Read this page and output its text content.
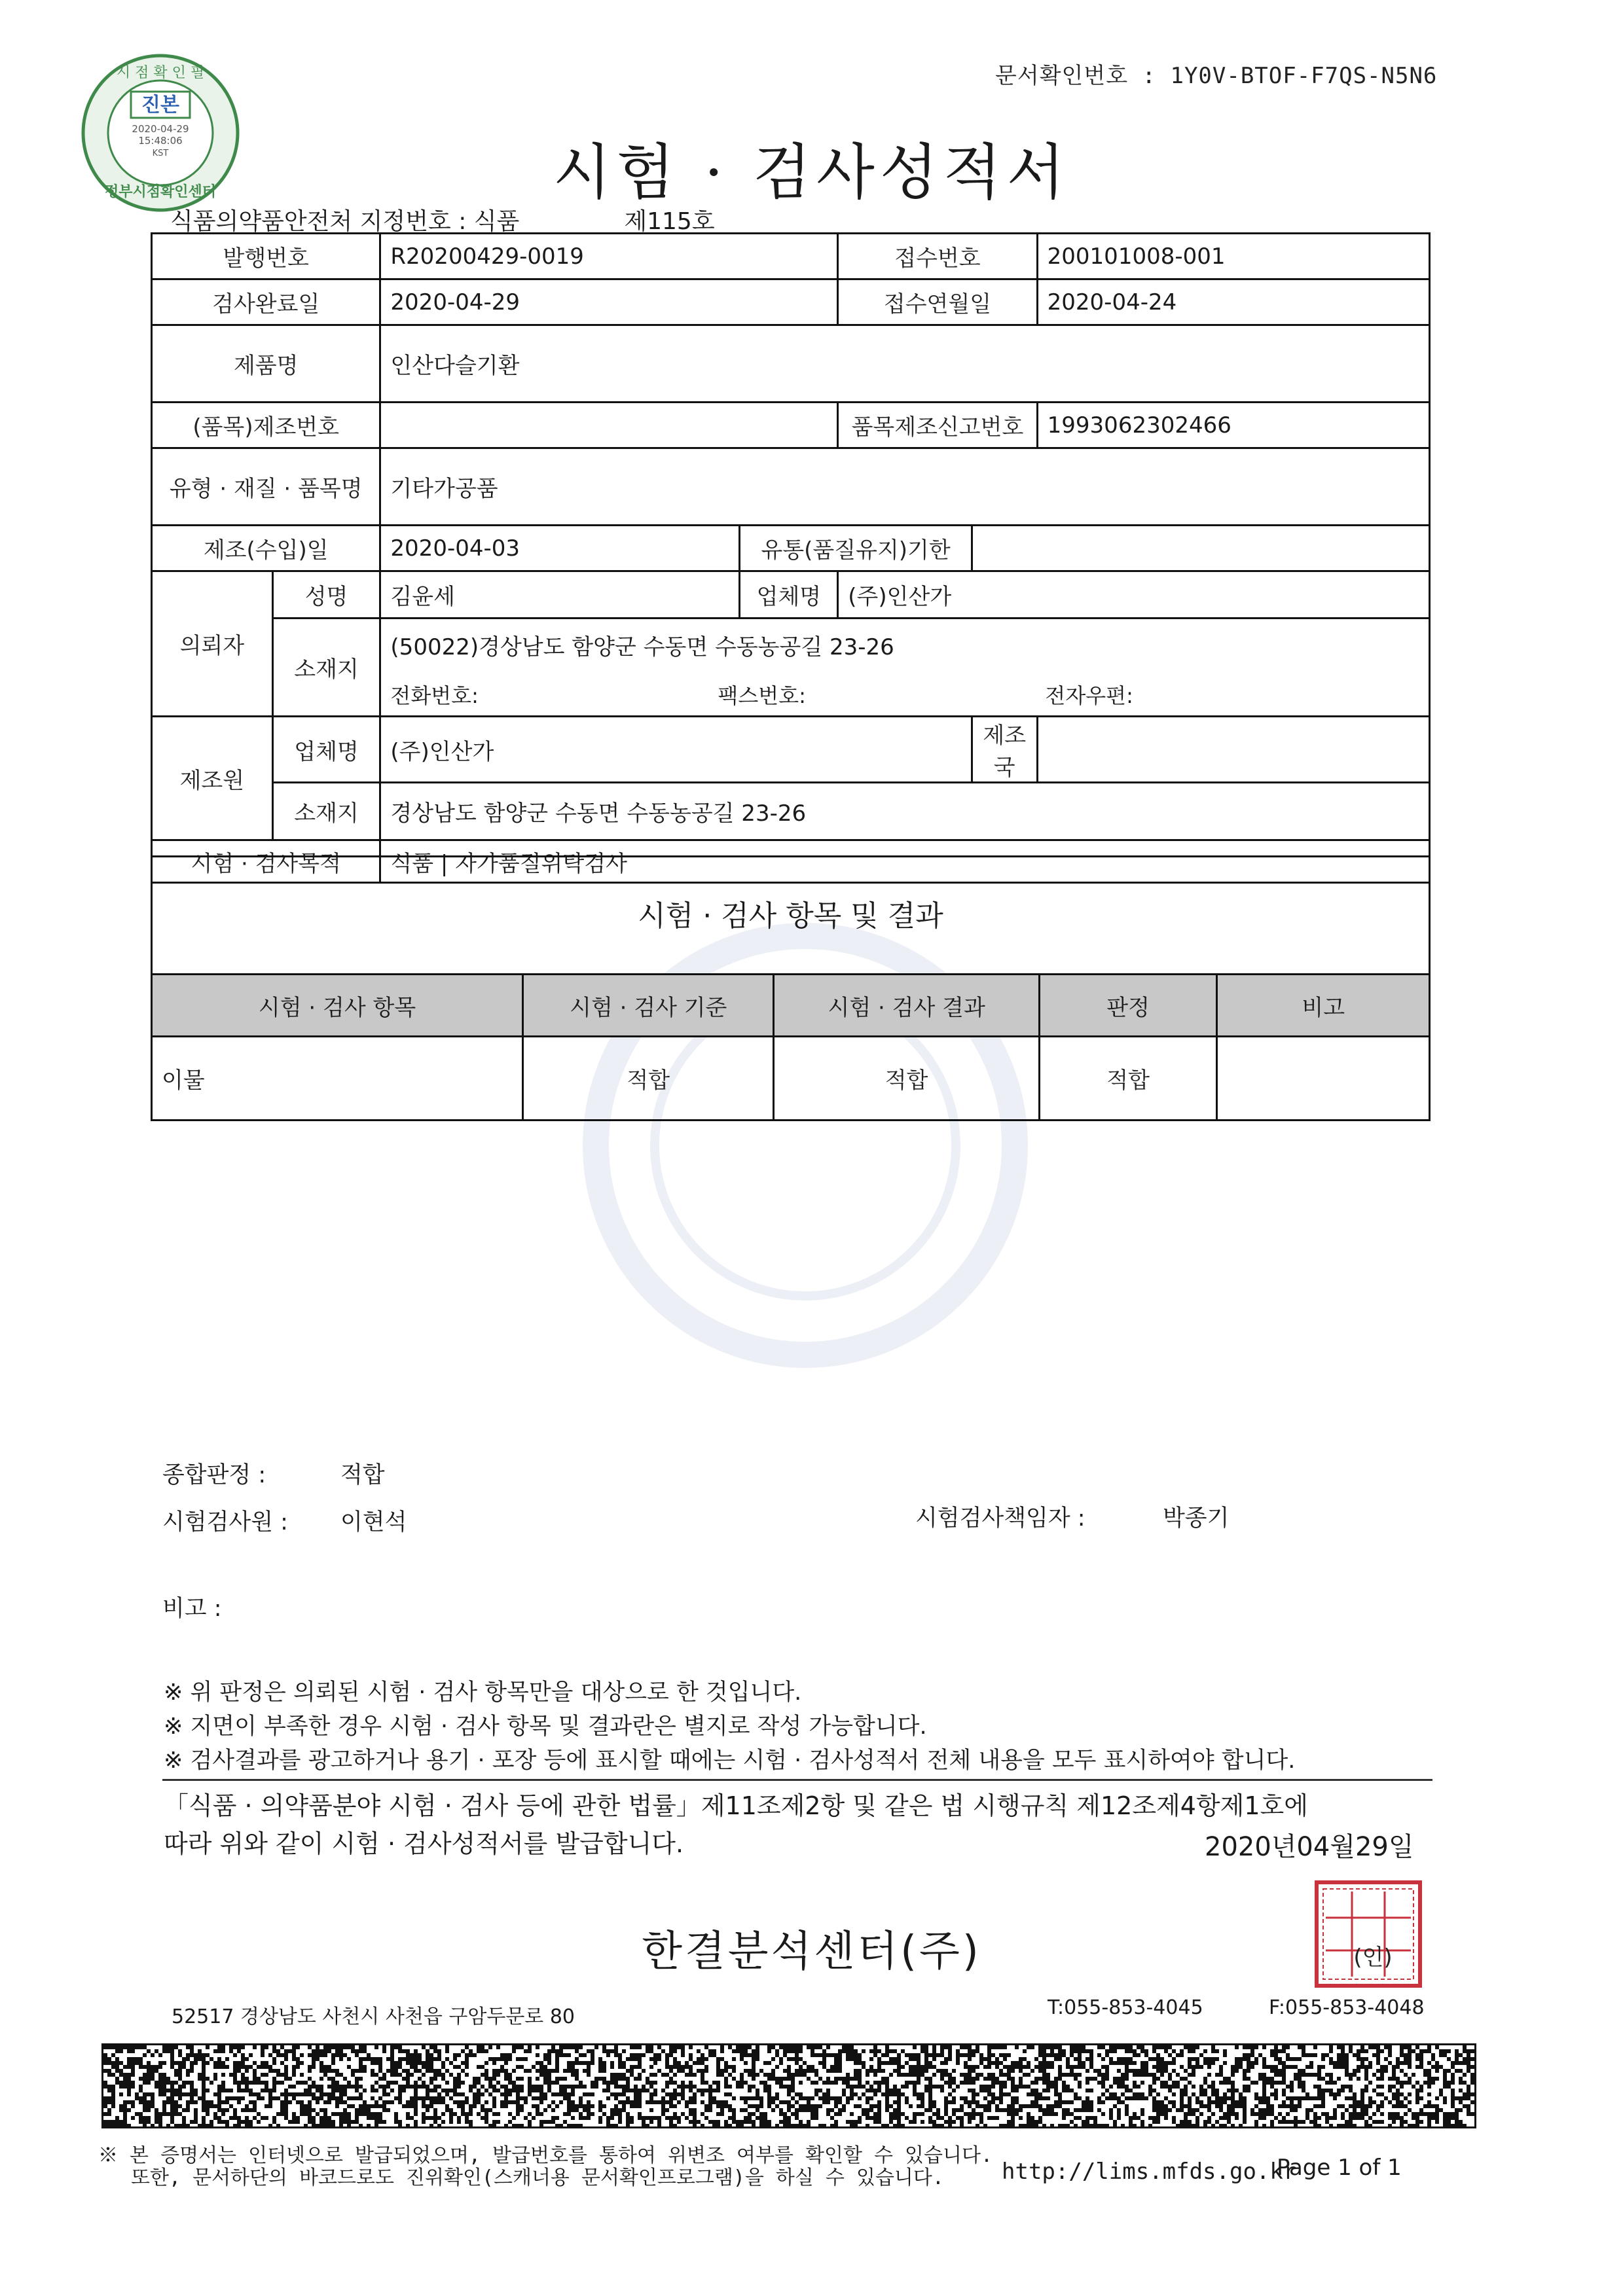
문서확인번호 : 1Y0V-BTOF-F7QS-N5N6
시 점 확 인 필
진본
2020-04-29
15:48:06
KST
정부시점확인센터	시험 · 검사성적서
식품의약품안전처 지정번호 : 식품	제115호
발행번호		R20200429-0019		접수번호		200101008-001
검사완료일		2020-04-29		접수연월일		2020-04-24
제품명		인산다슬기환				
(품목)제조번호				품목제조신고번호		1993062302466
유형 · 재질 · 품목명		기타가공품				
제조(수입)일		2020-04-03	유통(품질유지)기한			
의뢰자	성명	김윤세	업체명	(주)인산가		
	소재지	(50022)경상남도 함양군 수동면 수동농공길 23-26
전화번호: 팩스번호: 전자우편:				

제조원	업체명	(주)인산가			제조국	
	소재지	경상남도 함양군 수동면 수동농공길 23-26				
시험 · 검사목적		식품 | 자가품질위탁검사				
시험 · 검사 항목 및 결과
시험 · 검사 항목	시험 · 검사 기준	시험 · 검사 결과	판정	비고
이물	적합	적합	적합	
종합판정 :	적합
시험검사원 : 이현석	시험검사책임자 :	박종기
비고 :
※ 위 판정은 의뢰된 시험 · 검사 항목만을 대상으로 한 것입니다.
※ 지면이 부족한 경우 시험 · 검사 항목 및 결과란은 별지로 작성 가능합니다.
※ 검사결과를 광고하거나 용기 · 포장 등에 표시할 때에는 시험 · 검사성적서 전체 내용을 모두 표시하여야 합니다.
「식품 · 의약품분야 시험 · 검사 등에 관한 법률」제11조제2항 및 같은 법 시행규칙 제12조제4항제1호에
따라 위와 같이 시험 · 검사성적서를 발급합니다.	2020년04월29일
한결분석센터(주)	(인)
52517 경상남도 사천시 사천읍 구암두문로 80	T:055-853-4045	F:055-853-4048
※ 본 증명서는 인터넷으로 발급되었으며, 발급번호를 통하여 위변조 여부를 확인할 수 있습니다.
또한, 문서하단의 바코드로도 진위확인(스캐너용 문서확인프로그램)을 하실 수 있습니다.	http://lims.mfds.go.kr
Page 1 of 1
